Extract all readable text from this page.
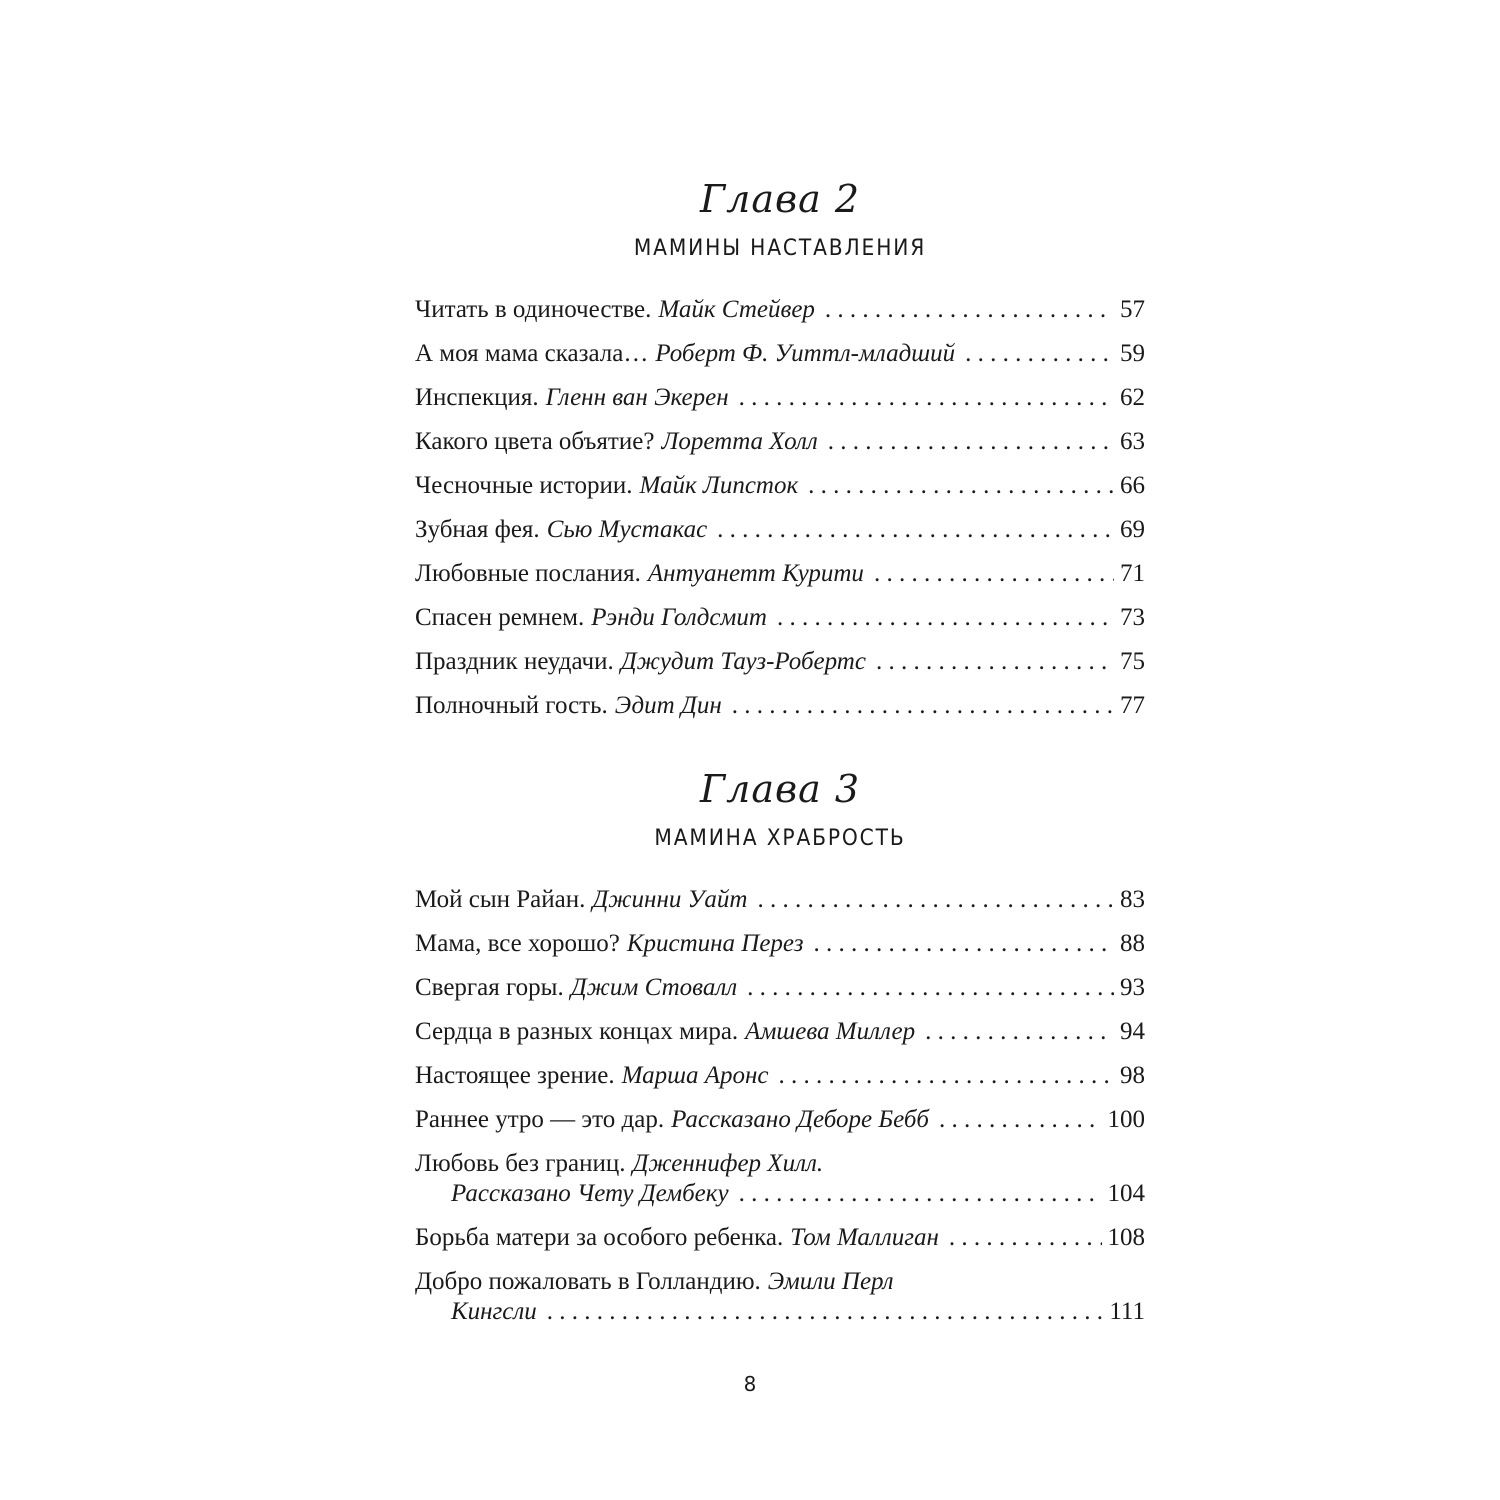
Глава 2
МАМИНЫ НАСТАВЛЕНИЯ
Читать в одиночестве. Майк Стейвер . . .	57
А моя мама сказала… Роберт Ф. Уиттл-младший . . .	59
Инспекция. Гленн ван Экерен . . .	62
Какого цвета объятие? Лоретта Холл . . .	63
Чесночные истории. Майк Липсток . . .	66
Зубная фея. Сью Мустакас . . .	69
Любовные послания. Антуанетт Курити . . .	71
Спасен ремнем. Рэнди Голдсмит . . .	73
Праздник неудачи. Джудит Тауз-Робертс . . .	75
Полночный гость. Эдит Дин . . .	77
Глава 3
МАМИНА ХРАБРОСТЬ
Мой сын Райан. Джинни Уайт . . .	83
Мама, все хорошо? Кристина Перез . . .	88
Свергая горы. Джим Стовалл . . .	93
Сердца в разных концах мира. Амшева Миллер . . .	94
Настоящее зрение. Марша Аронс . . .	98
Раннее утро — это дар. Рассказано Деборе Бебб . . .	100
Любовь без границ. Дженнифер Хилл.
Рассказано Чету Дембеку . . .	104
Борьба матери за особого ребенка. Том Маллиган . . .	108
Добро пожаловать в Голландию. Эмили Перл
Кингсли . . .	111
8
